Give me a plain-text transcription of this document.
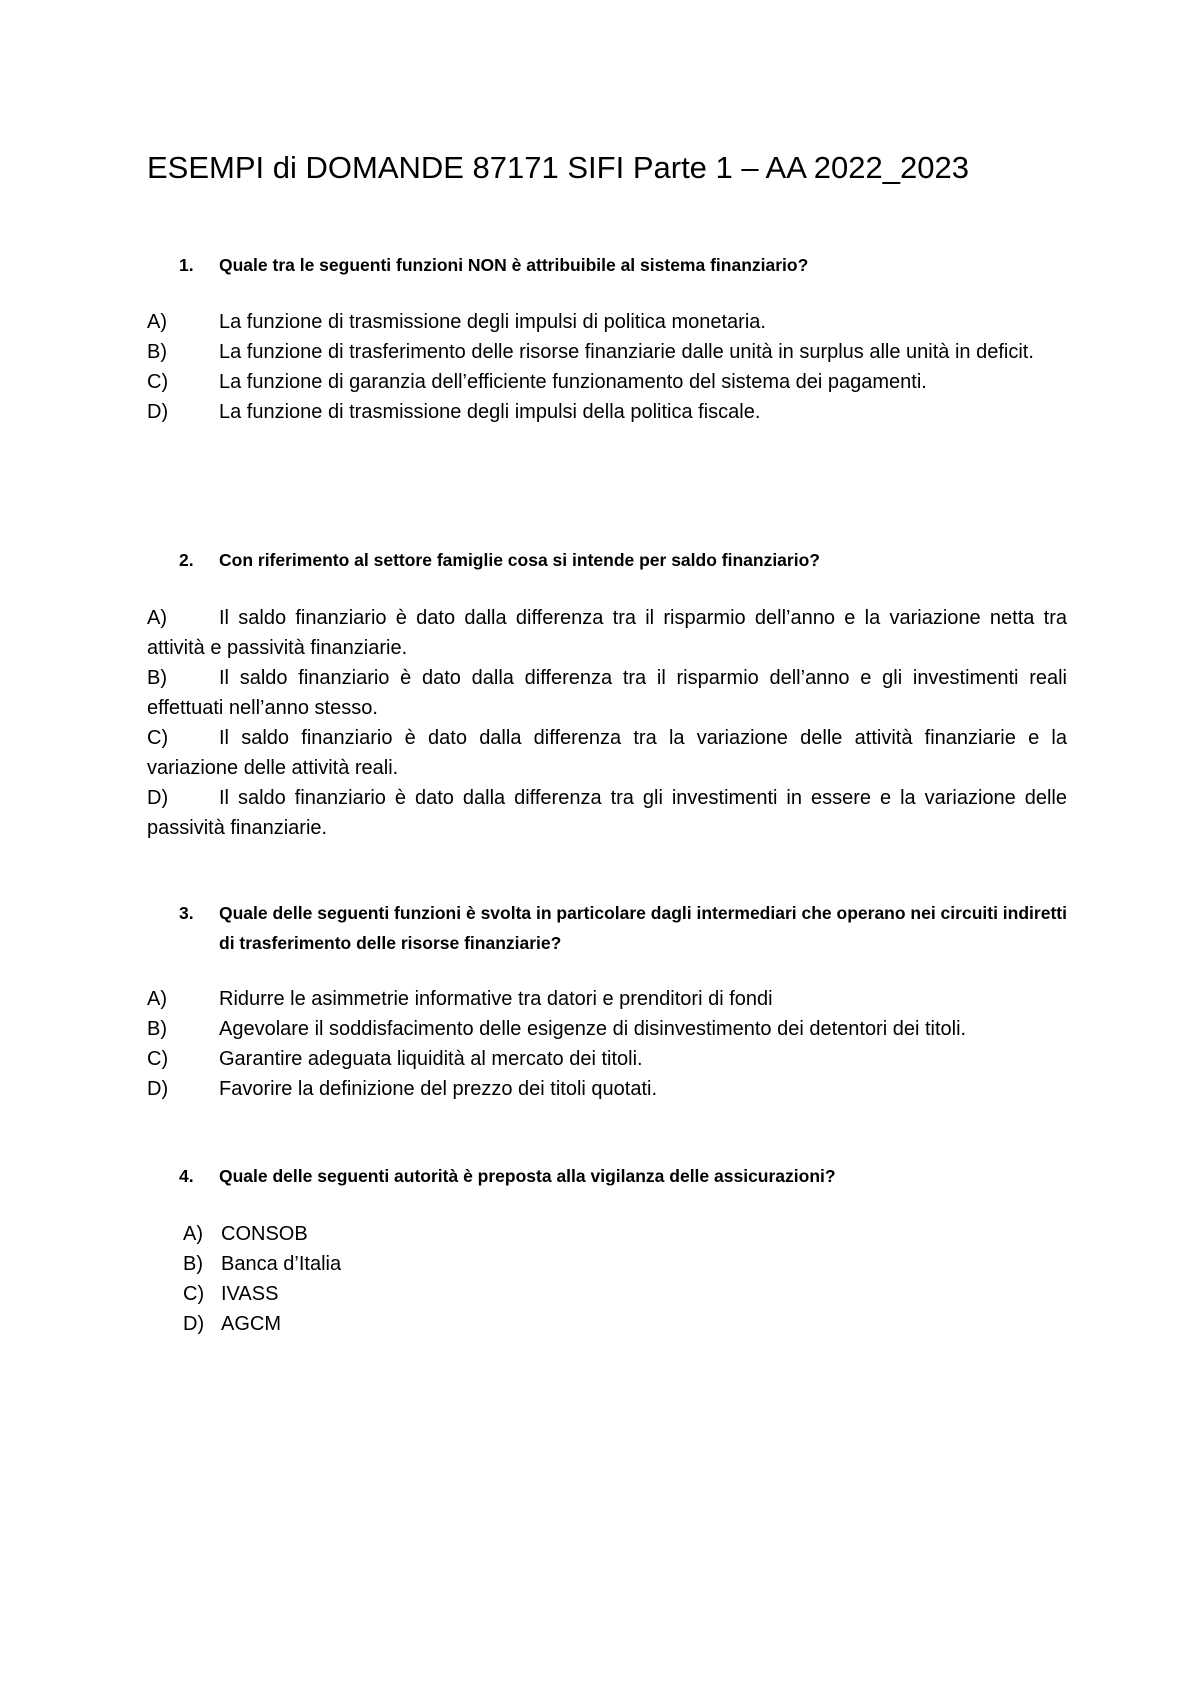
ESEMPI di DOMANDE 87171 SIFI Parte 1 – AA 2022_2023
1.	Quale tra le seguenti funzioni NON è attribuibile al sistema finanziario?
A)	La funzione di trasmissione degli impulsi di politica monetaria.
B)	La funzione di trasferimento delle risorse finanziarie dalle unità in surplus alle unità in deficit.
C)	La funzione di garanzia dell’efficiente funzionamento del sistema dei pagamenti.
D)	La funzione di trasmissione degli impulsi della politica fiscale.
2.	Con riferimento al settore famiglie cosa si intende per saldo finanziario?
A)	Il saldo finanziario è dato dalla differenza tra il risparmio dell’anno e la variazione netta tra attività e passività finanziarie.
B)	Il saldo finanziario è dato dalla differenza tra il risparmio dell’anno e gli investimenti reali effettuati nell’anno stesso.
C)	Il saldo finanziario è dato dalla differenza tra la variazione delle attività finanziarie e la variazione delle attività reali.
D)	Il saldo finanziario è dato dalla differenza tra gli investimenti in essere e la variazione delle passività finanziarie.
3.	Quale delle seguenti funzioni è svolta in particolare dagli intermediari che operano nei circuiti indiretti di trasferimento delle risorse finanziarie?
A)	Ridurre le asimmetrie informative tra datori e prenditori di fondi
B)	Agevolare il soddisfacimento delle esigenze di disinvestimento dei detentori dei titoli.
C)	Garantire adeguata liquidità al mercato dei titoli.
D)	Favorire la definizione del prezzo dei titoli quotati.
4.	Quale delle seguenti autorità è preposta alla vigilanza delle assicurazioni?
A) CONSOB
B) Banca d’Italia
C) IVASS
D) AGCM
